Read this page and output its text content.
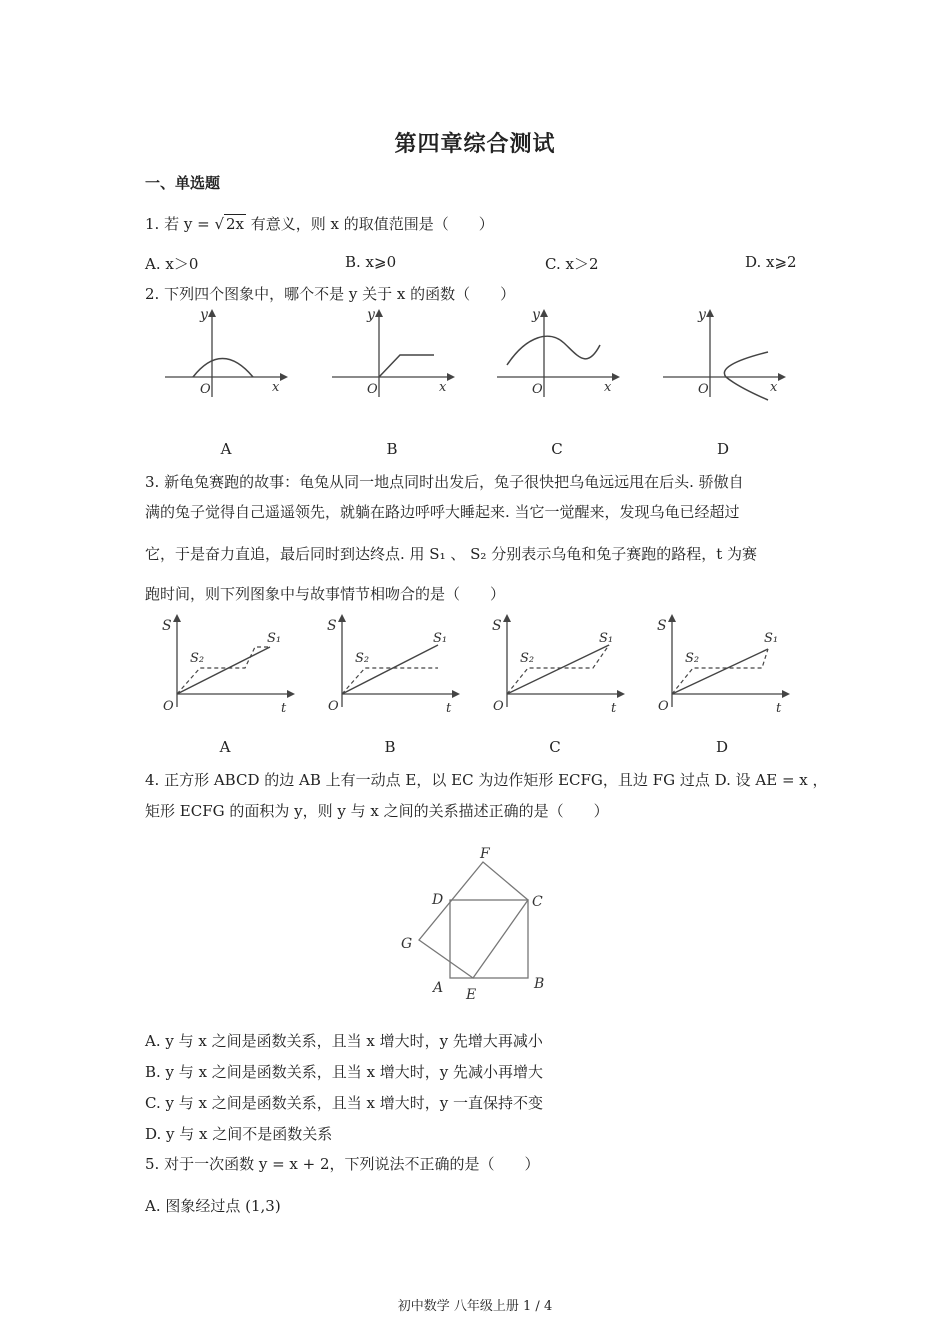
第四章综合测试
一、单选题
1. 若 y = √ 2x 有意义，则 x 的取值范围是（　　）
A. x＞0	B. x⩾0	C. x＞2	D. x⩾2
2. 下列四个图象中，哪个不是 y 关于 x 的函数（　　）
O	x
y
O	x
y
O	x
y
O	x
y
A	B	C	D
3. 新龟兔赛跑的故事：龟兔从同一地点同时出发后，兔子很快把乌龟远远甩在后头. 骄傲自
满的兔子觉得自己遥遥领先，就躺在路边呼呼大睡起来. 当它一觉醒来，发现乌龟已经超过
它，于是奋力直追，最后同时到达终点. 用 S₁ 、 S₂ 分别表示乌龟和兔子赛跑的路程，t 为赛
跑时间，则下列图象中与故事情节相吻合的是（　　）
S
O	t
S₁
S₂
S
O	t
S₁
S₂
S
O	t
S₁
S₂
S
O	t
S₁
S₂
A	B	C	D
4. 正方形 ABCD 的边 AB 上有一动点 E，以 EC 为边作矩形 ECFG，且边 FG 过点 D. 设 AE = x ，
矩形 ECFG 的面积为 y，则 y 与 x 之间的关系描述正确的是（　　）
F
D	C
G
A E
B
A. y 与 x 之间是函数关系，且当 x 增大时，y 先增大再减小
B. y 与 x 之间是函数关系，且当 x 增大时，y 先减小再增大
C. y 与 x 之间是函数关系，且当 x 增大时，y 一直保持不变
D. y 与 x 之间不是函数关系
5. 对于一次函数 y = x + 2，下列说法不正确的是（　　）
A. 图象经过点 (1,3)
初中数学 八年级上册 1 / 4
